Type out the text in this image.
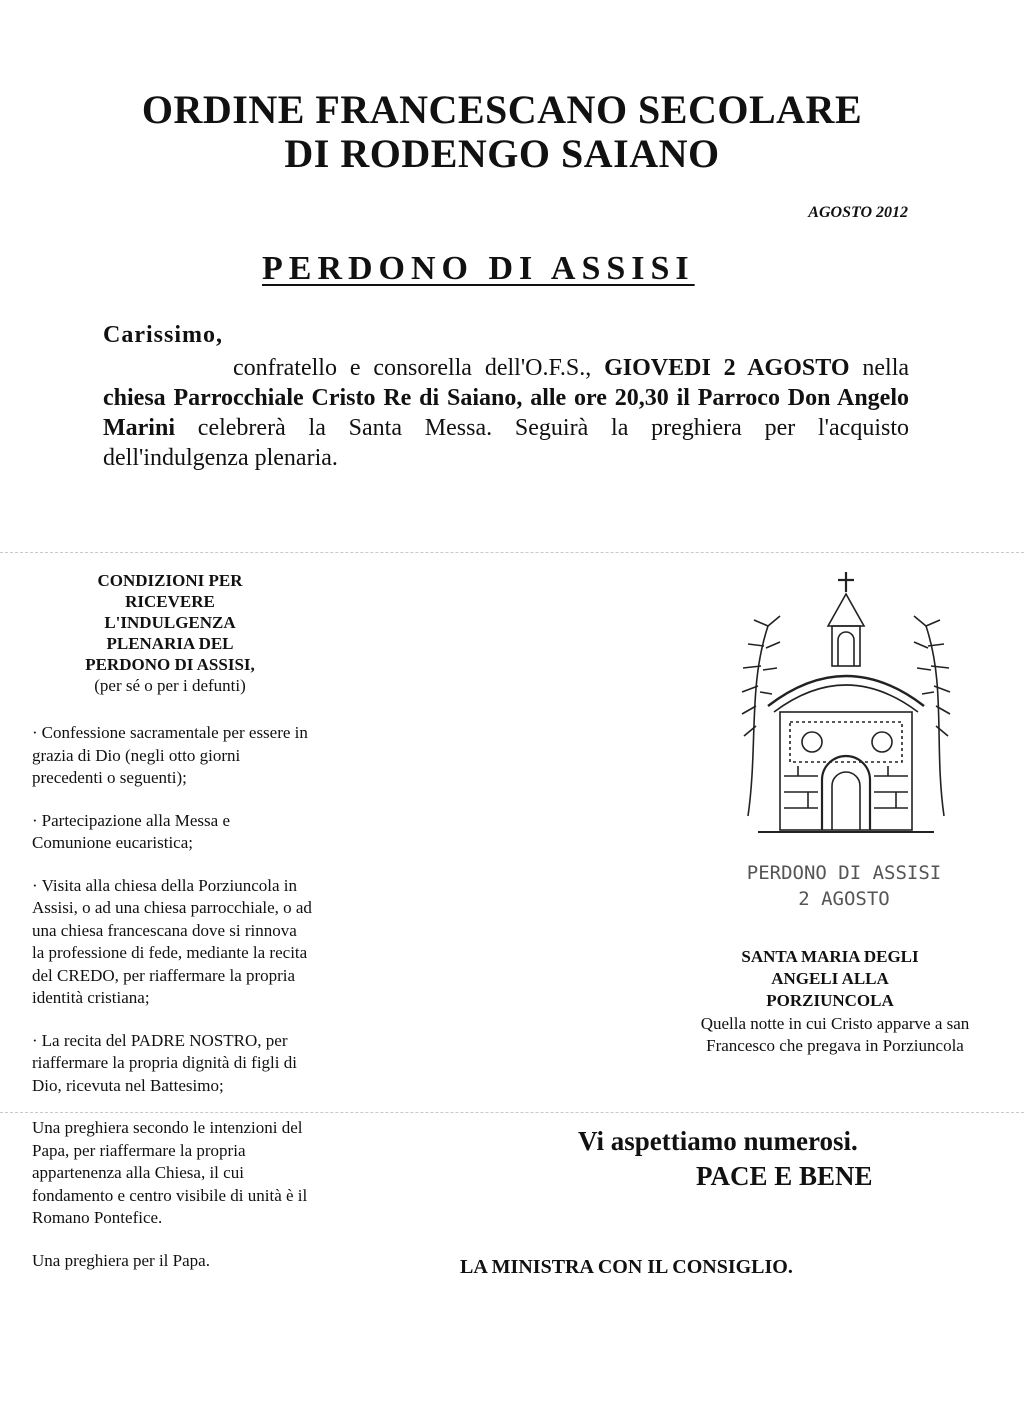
ORDINE FRANCESCANO SECOLARE
DI RODENGO SAIANO
AGOSTO 2012
PERDONO DI ASSISI
Carissimo,
confratello e consorella dell'O.F.S., GIOVEDI 2 AGOSTO nella chiesa Parrocchiale Cristo Re di Saiano, alle ore 20,30 il Parroco Don Angelo Marini celebrerà la Santa Messa. Seguirà la preghiera per l'acquisto dell'indulgenza plenaria.
CONDIZIONI PER
RICEVERE
L'INDULGENZA
PLENARIA DEL
PERDONO DI ASSISI,
(per sé o per i defunti)
· Confessione sacramentale per essere in grazia di Dio (negli otto giorni precedenti o seguenti);
· Partecipazione alla Messa e Comunione eucaristica;
· Visita alla chiesa della Porziuncola in Assisi, o ad una chiesa parrocchiale, o ad una chiesa francescana dove si rinnova la professione di fede, mediante la recita del CREDO, per riaffermare la propria identità cristiana;
· La recita del PADRE NOSTRO, per riaffermare la propria dignità di figli di Dio, ricevuta nel Battesimo;
Una preghiera secondo le intenzioni del Papa, per riaffermare la propria appartenenza alla Chiesa, il cui fondamento e centro visibile di unità è il Romano Pontefice.
Una preghiera per il Papa.
PERDONO DI ASSISI
2 AGOSTO
SANTA MARIA DEGLI
ANGELI ALLA
PORZIUNCOLA
Quella notte in cui Cristo apparve a san Francesco che pregava in Porziuncola
Vi aspettiamo numerosi.
PACE E BENE
LA MINISTRA CON IL CONSIGLIO.
